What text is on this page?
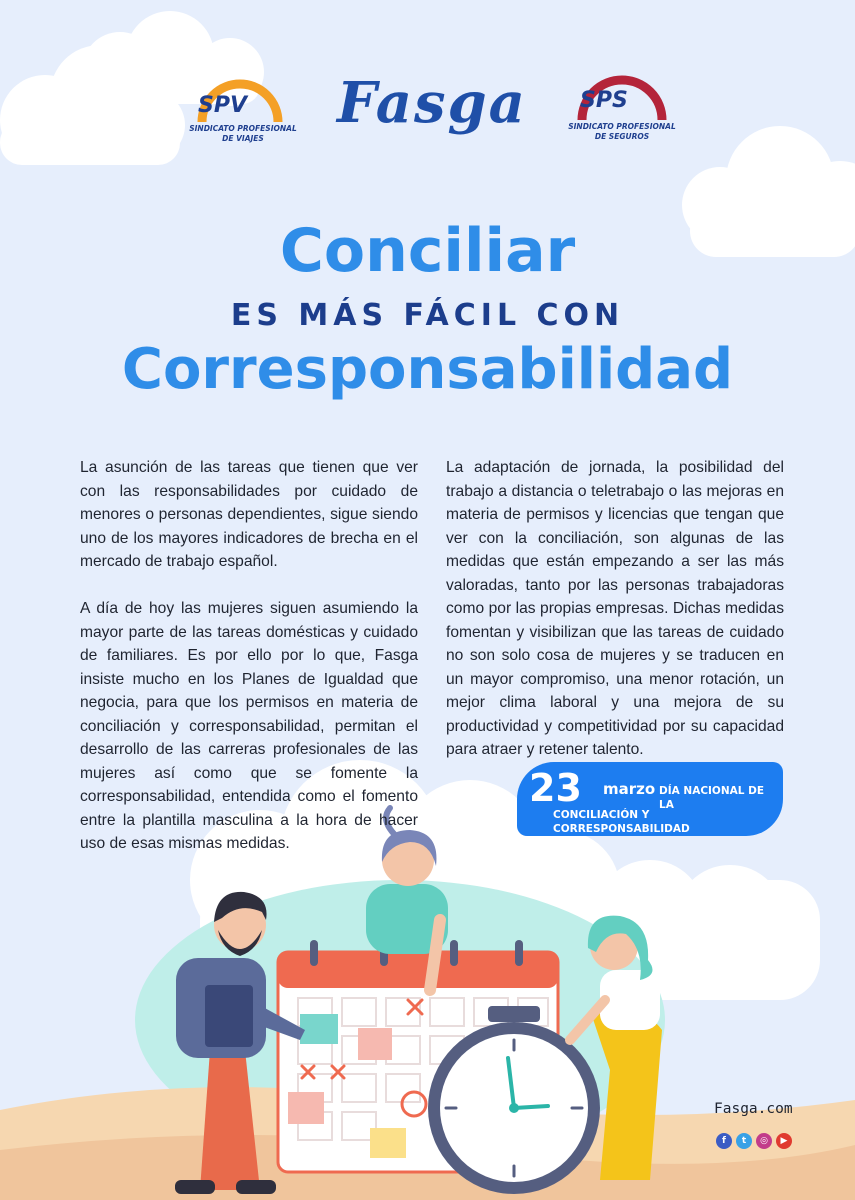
SPV
SINDICATO PROFESIONAL
DE VIAJES
Fasga	SPS
SINDICATO PROFESIONAL
DE SEGUROS
Conciliar
ES MÁS FÁCIL CON
Corresponsabilidad

La asunción de las tareas que tienen que ver con las responsabilidades por cuidado de menores o personas dependientes, sigue siendo uno de los mayores indicadores de brecha en el mercado de trabajo español.

A día de hoy las mujeres siguen asumiendo la mayor parte de las tareas domésticas y cuidado de familiares. Es por ello por lo que, Fasga insiste mucho en los Planes de Igualdad que negocia, para que los permisos en materia de conciliación y corresponsabilidad, permitan el desarrollo de las carreras profesionales de las mujeres así como que se fomente la corresponsabilidad, entendida como el fomento entre la plantilla masculina a la hora de hacer uso de esas mismas medidas.

La adaptación de jornada, la posibilidad del trabajo a distancia o teletrabajo o las mejoras en materia de permisos y licencias que tengan que ver con la conciliación, son algunas de las medidas que están empezando a ser las más valoradas, tanto por las personas trabajadoras como por las propias empresas. Dichas medidas fomentan y visibilizan que las tareas de cuidado no son solo cosa de mujeres y se traducen en un mayor compromiso, una menor rotación, un mejor clima laboral y una mejora de su productividad y competitividad por su capacidad para atraer y retener talento.

23 marzo DÍA NACIONAL DE LA
CONCILIACIÓN Y CORRESPONSABILIDAD
Fasga.com
f	t	◎	▶
